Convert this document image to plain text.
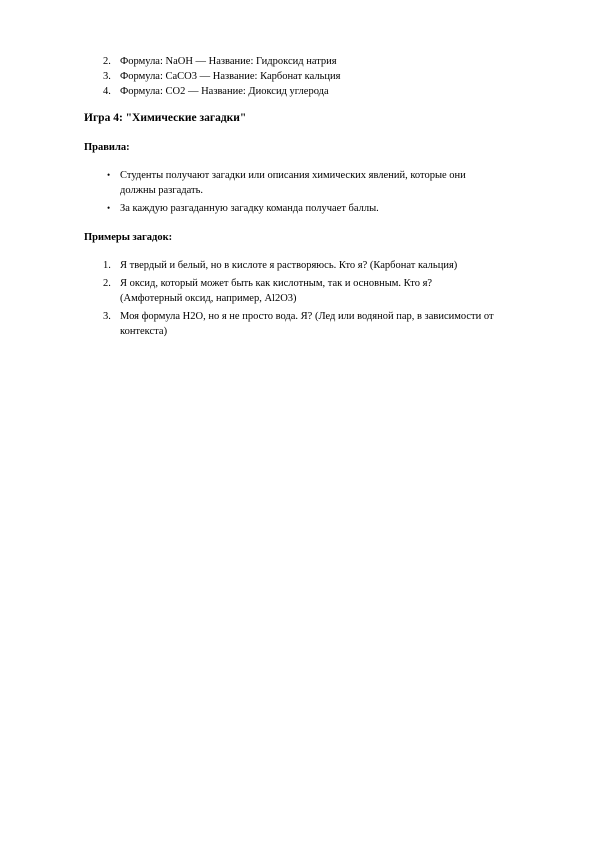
2. Формула: NaOH — Название: Гидроксид натрия
3. Формула: CaCO3 — Название: Карбонат кальция
4. Формула: CO2 — Название: Диоксид углерода
Игра 4: "Химические загадки"
Правила:
• Студенты получают загадки или описания химических явлений, которые они
должны разгадать.
• За каждую разгаданную загадку команда получает баллы.
Примеры загадок:
1. Я твердый и белый, но в кислоте я растворяюсь. Кто я? (Карбонат кальция)
2. Я оксид, который может быть как кислотным, так и основным. Кто я?
(Амфотерный оксид, например, Al2O3)
3. Моя формула H2O, но я не просто вода. Я? (Лед или водяной пар, в зависимости от
контекста)
